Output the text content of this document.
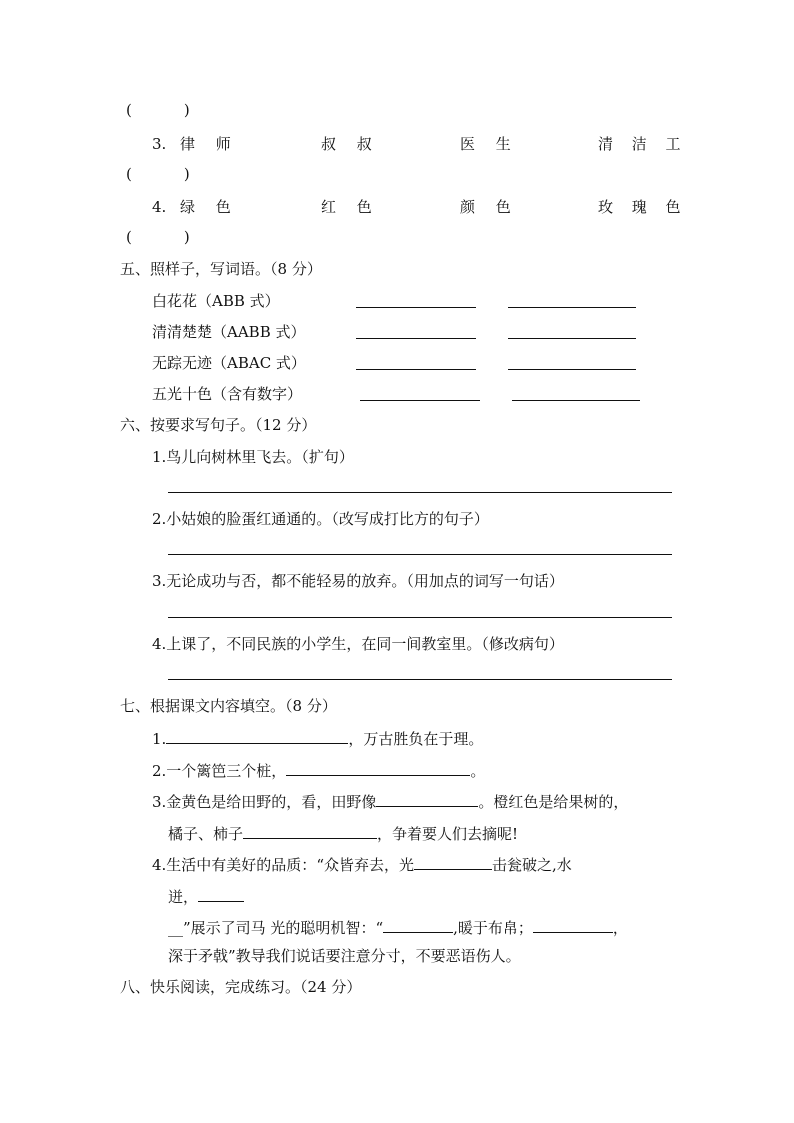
(	)
3. 律 师	叔 叔	医 生	清 洁 工
(	)
4. 绿 色	红 色	颜 色	玫 瑰 色
(	)
五、照样子，写词语。（8 分）
白花花（ABB 式）
清清楚楚（AABB 式）
无踪无迹（ABAC 式）
五光十色（含有数字）
六、按要求写句子。（12 分）
1.鸟儿向树林里飞去。（扩句）
2.小姑娘的脸蛋红通通的。（改写成打比方的句子）
3.无论成功与否，都不能轻易的放弃。（用加点的词写一句话）
4.上课了，不同民族的小学生，在同一间教室里。（修改病句）
七、根据课文内容填空。（8 分）
1.	，万古胜负在于理。
2.一个篱笆三个桩，	。
3.金黄色是给田野的，看，田野像	。橙红色是给果树的，
橘子、柿子	，争着要人们去摘呢!
4.生活中有美好的品质：“众皆弃去，光	击瓮破之,水
迸，
__”展示了司马 光的聪明机智：“	,暖于布帛；	，
深于矛戟”教导我们说话要注意分寸，不要恶语伤人。
八、快乐阅读，完成练习。（24 分）
